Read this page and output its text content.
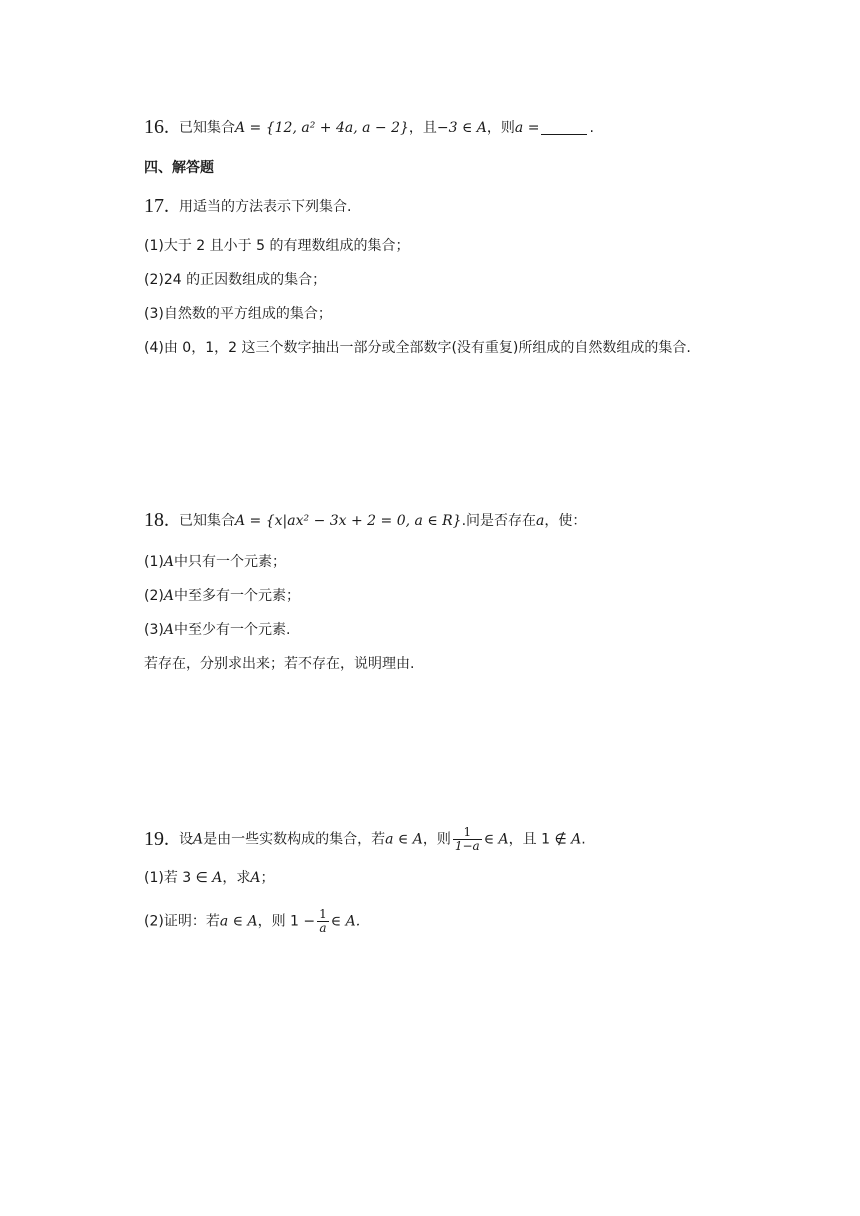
16. 已知集合A = {12, a² + 4a, a − 2}，且−3 ∈ A，则a =	.
四、解答题
17. 用适当的方法表示下列集合.
(1)大于 2 且小于 5 的有理数组成的集合；
(2)24 的正因数组成的集合；
(3)自然数的平方组成的集合；
(4)由 0，1，2 这三个数字抽出一部分或全部数字(没有重复)所组成的自然数组成的集合.
18. 已知集合A = {x|ax² − 3x + 2 = 0, a ∈ R}.问是否存在a，使：
(1)A中只有一个元素；
(2)A中至多有一个元素；
(3)A中至少有一个元素.
若存在，分别求出来；若不存在，说明理由.
19. 设A是由一些实数构成的集合，若a ∈ A，则 $\frac{1}{1-a}$ ∈ A，且 1 ∉ A.
(1)若 3 ∈ A，求A；
(2)证明：若a ∈ A，则 $1 - \frac{1}{a}$ ∈ A.
